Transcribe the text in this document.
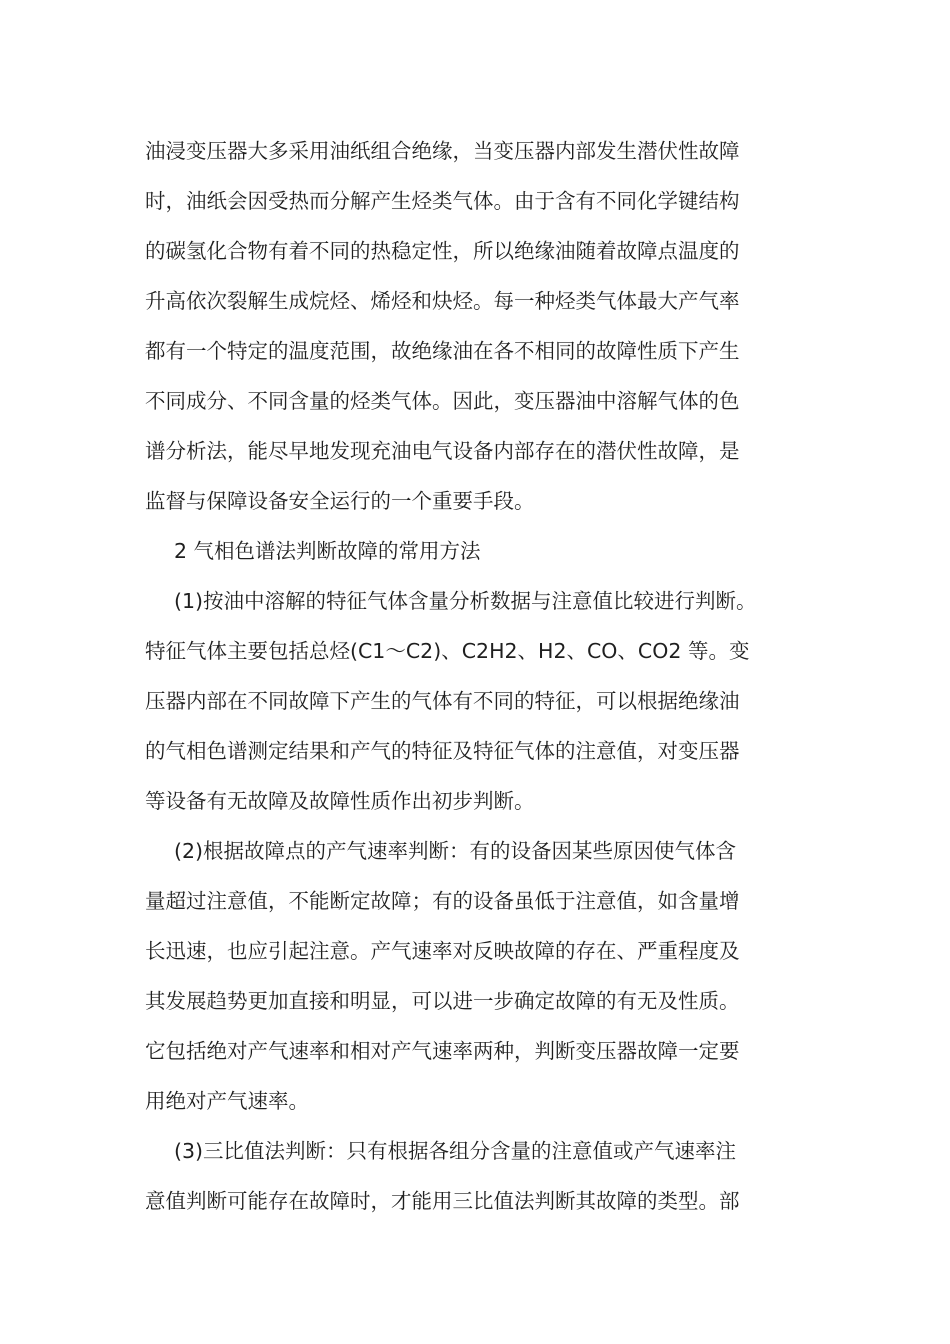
油浸变压器大多采用油纸组合绝缘，当变压器内部发生潜伏性故障
时，油纸会因受热而分解产生烃类气体。由于含有不同化学键结构
的碳氢化合物有着不同的热稳定性，所以绝缘油随着故障点温度的
升高依次裂解生成烷烃、烯烃和炔烃。每一种烃类气体最大产气率
都有一个特定的温度范围，故绝缘油在各不相同的故障性质下产生
不同成分、不同含量的烃类气体。因此，变压器油中溶解气体的色
谱分析法，能尽早地发现充油电气设备内部存在的潜伏性故障，是
监督与保障设备安全运行的一个重要手段。
2 气相色谱法判断故障的常用方法
(1)按油中溶解的特征气体含量分析数据与注意值比较进行判断。
特征气体主要包括总烃(C1～C2)、C2H2、H2、CO、CO2 等。变
压器内部在不同故障下产生的气体有不同的特征，可以根据绝缘油
的气相色谱测定结果和产气的特征及特征气体的注意值，对变压器
等设备有无故障及故障性质作出初步判断。
(2)根据故障点的产气速率判断：有的设备因某些原因使气体含
量超过注意值，不能断定故障；有的设备虽低于注意值，如含量增
长迅速，也应引起注意。产气速率对反映故障的存在、严重程度及
其发展趋势更加直接和明显，可以进一步确定故障的有无及性质。
它包括绝对产气速率和相对产气速率两种，判断变压器故障一定要
用绝对产气速率。
(3)三比值法判断：只有根据各组分含量的注意值或产气速率注
意值判断可能存在故障时，才能用三比值法判断其故障的类型。部
